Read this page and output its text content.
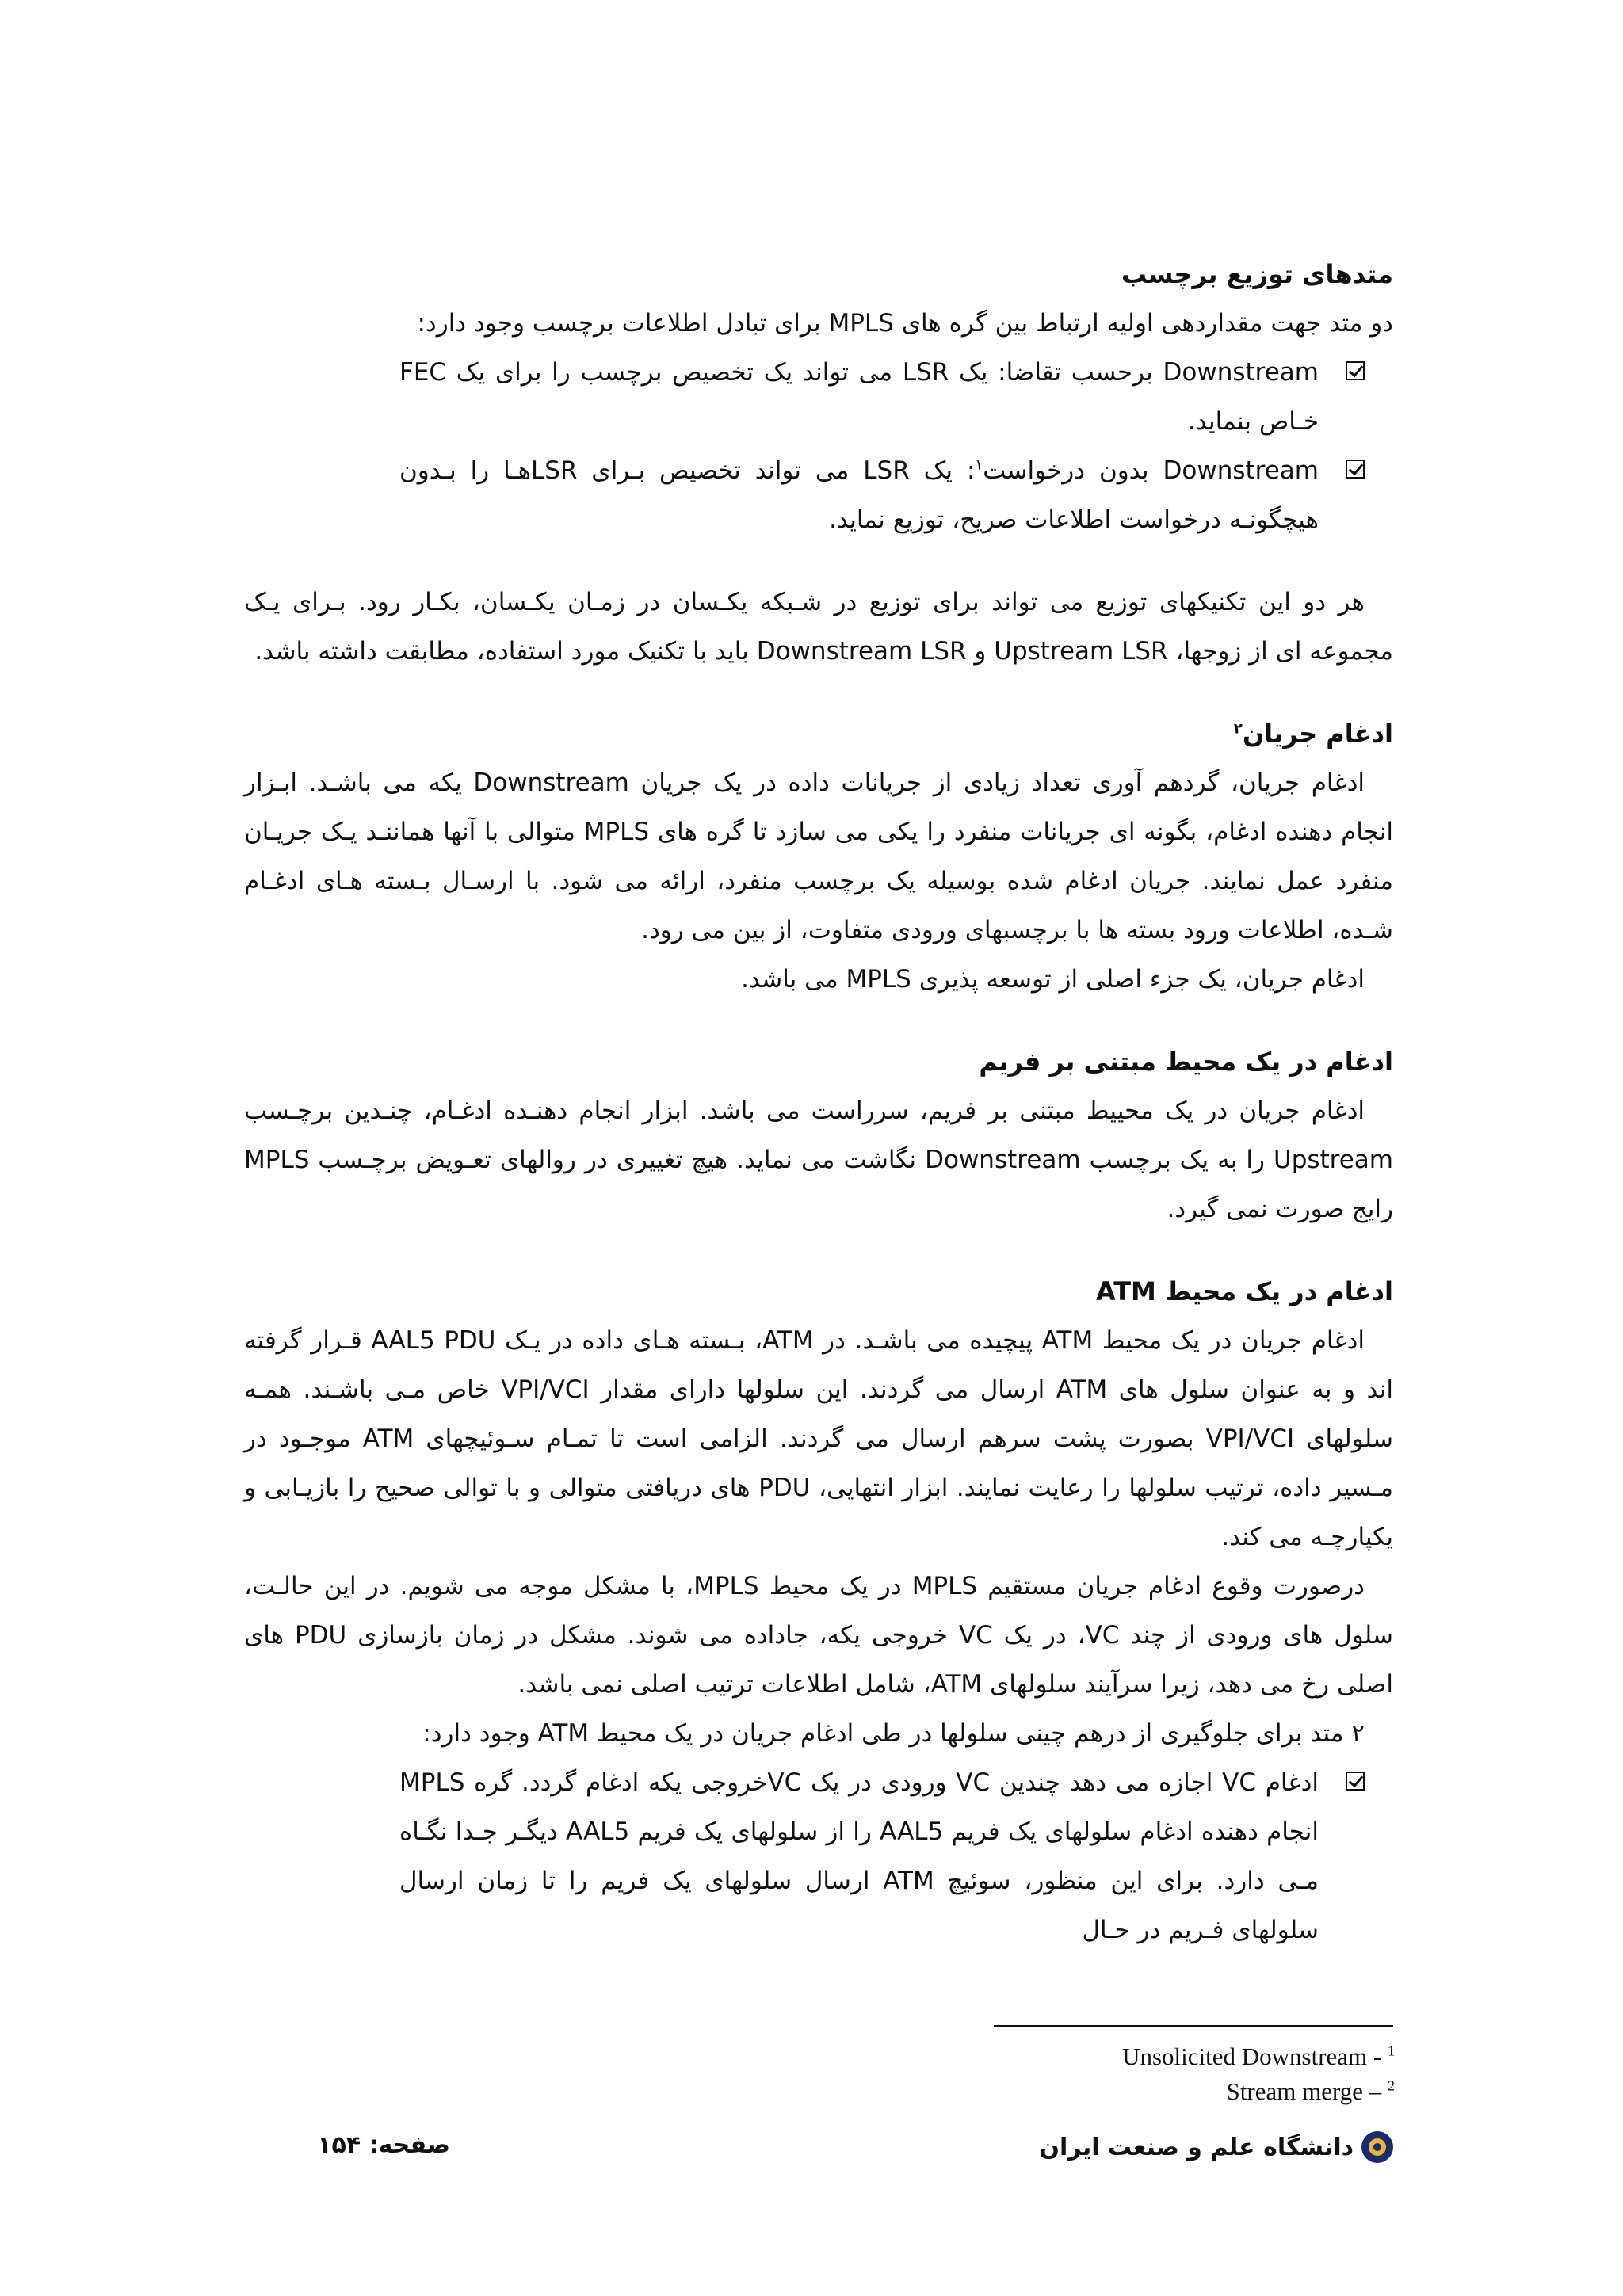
متدهای توزیع برچسب

دو متد جهت مقداردهی اولیه ارتباط بین گره های MPLS برای تبادل اطلاعات برچسب وجود دارد:

Downstream برحسب تقاضا: یک LSR می تواند یک تخصیص برچسب را برای یک FEC خـاص بنماید.
Downstream بدون درخواست$^۱$: یک LSR می تواند تخصیص بـرای LSRهـا را بـدون هیچگونـه درخواست اطلاعات صریح، توزیع نماید.

هر دو این تکنیکهای توزیع می تواند برای توزیع در شـبکه یکـسان در زمـان یکـسان، بکـار رود. بـرای یـک مجموعه ای از زوجها، Upstream LSR و Downstream LSR باید با تکنیک مورد استفاده، مطابقت داشته باشد.

ادغام جریان$^۲$

ادغام جریان، گردهم آوری تعداد زیادی از جریانات داده در یک جریان Downstream یکه می باشـد. ابـزار انجام دهنده ادغام، بگونه ای جریانات منفرد را یکی می سازد تا گره های MPLS متوالی با آنها هماننـد یـک جریـان منفرد عمل نمایند. جریان ادغام شده بوسیله یک برچسب منفرد، ارائه می شود. با ارسـال بـسته هـای ادغـام شـده، اطلاعات ورود بسته ها با برچسبهای ورودی متفاوت، از بین می رود.

ادغام جریان، یک جزء اصلی از توسعه پذیری MPLS می باشد.

ادغام در یک محیط مبتنی بر فریم

ادغام جریان در یک محییط مبتنی بر فریم، سرراست می باشد. ابزار انجام دهنـده ادغـام، چنـدین برچـسب Upstream را به یک برچسب Downstream نگاشت می نماید. هیچ تغییری در روالهای تعـویض برچـسب MPLS رایج صورت نمی گیرد.

ادغام در یک محیط ATM

ادغام جریان در یک محیط ATM پیچیده می باشـد. در ATM، بـسته هـای داده در یـک AAL5 PDU قـرار گرفته اند و به عنوان سلول های ATM ارسال می گردند. این سلولها دارای مقدار VPI/VCI خاص مـی باشـند. همـه سلولهای VPI/VCI بصورت پشت سرهم ارسال می گردند. الزامی است تا تمـام سـوئیچهای ATM موجـود در مـسیر داده، ترتیب سلولها را رعایت نمایند. ابزار انتهایی، PDU های دریافتی متوالی و با توالی صحیح را بازیـابی و یکپارچـه می کند.

درصورت وقوع ادغام جریان مستقیم MPLS در یک محیط MPLS، با مشکل موجه می شویم. در این حالـت، سلول های ورودی از چند VC، در یک VC خروجی یکه، جاداده می شوند. مشکل در زمان بازسازی PDU های اصلی رخ می دهد، زیرا سرآیند سلولهای ATM، شامل اطلاعات ترتیب اصلی نمی باشد.

۲ متد برای جلوگیری از درهم چینی سلولها در طی ادغام جریان در یک محیط ATM وجود دارد:

ادغام VC اجازه می دهد چندین VC ورودی در یک VCخروجی یکه ادغام گردد. گره MPLS انجام دهنده ادغام سلولهای یک فریم AAL5 را از سلولهای یک فریم AAL5 دیگـر جـدا نگـاه مـی دارد. برای این منظور، سوئیچ ATM ارسال سلولهای یک فریم را تا زمان ارسال سلولهای فـریم در حـال
Unsolicited Downstream - $^1$
Stream merge – $^2$
دانشگاه علم و صنعت ایران
صفحه: ۱۵۴
